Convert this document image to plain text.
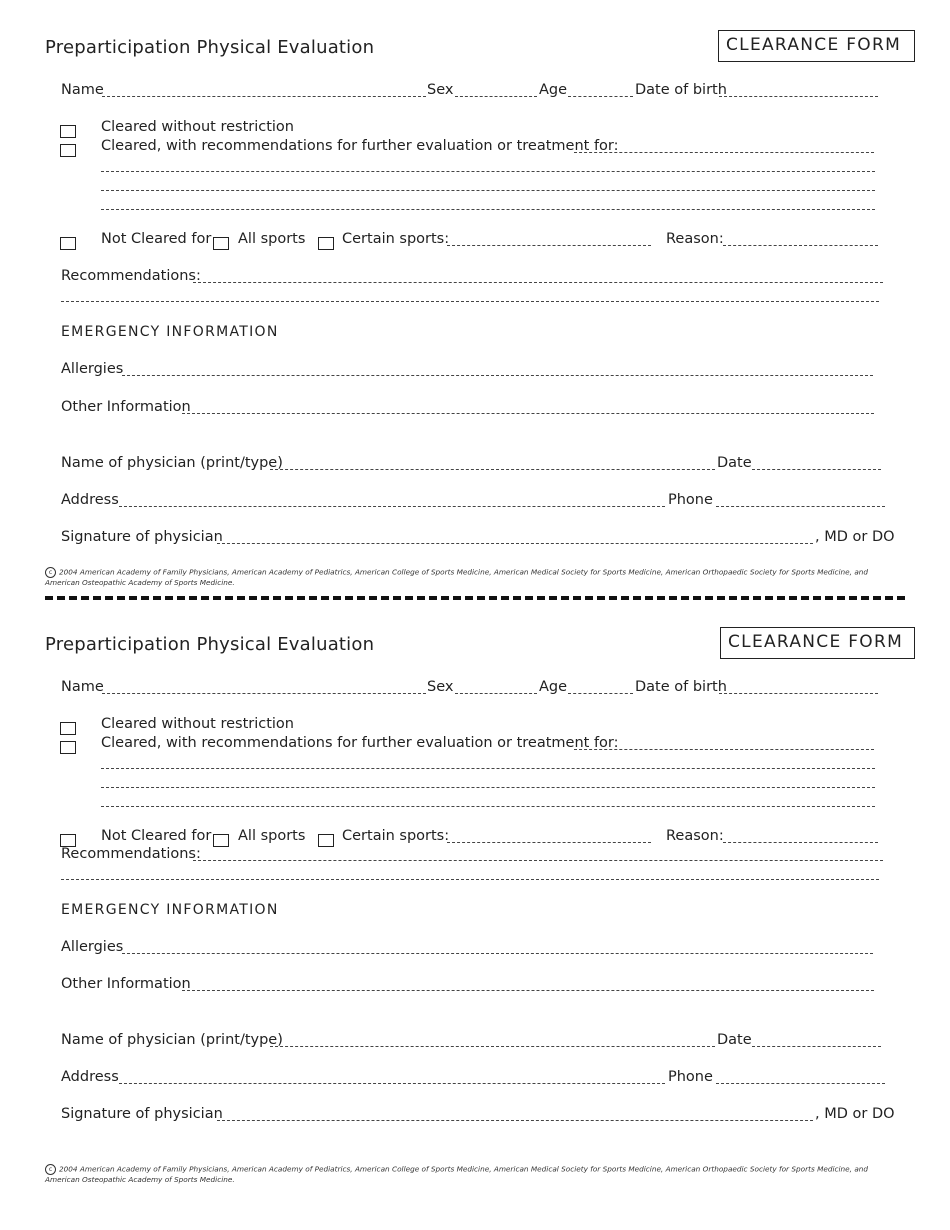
Preparticipation Physical Evaluation	CLEARANCE FORM
Name	Sex	Age	Date of birth
Cleared without restriction
Cleared, with recommendations for further evaluation or treatment for:
Not Cleared for All sports	Certain sports:	Reason:
Recommendations:
EMERGENCY INFORMATION
Allergies
Other Information
Name of physician (print/type)	Date
Address	Phone
Signature of physician	, MD or DO
c 2004 American Academy of Family Physicians, American Academy of Pediatrics, American College of Sports Medicine, American Medical Society for Sports Medicine, American Orthopaedic Society for Sports Medicine, and American Osteopathic Academy of Sports Medicine.
Preparticipation Physical Evaluation	CLEARANCE FORM
Name	Sex	Age	Date of birth
Cleared without restriction
Cleared, with recommendations for further evaluation or treatment for:
Not Cleared for All sports	Certain sports:	Reason:
Recommendations:
EMERGENCY INFORMATION
Allergies
Other Information
Name of physician (print/type)	Date
Address	Phone
Signature of physician	, MD or DO
c 2004 American Academy of Family Physicians, American Academy of Pediatrics, American College of Sports Medicine, American Medical Society for Sports Medicine, American Orthopaedic Society for Sports Medicine, and American Osteopathic Academy of Sports Medicine.
